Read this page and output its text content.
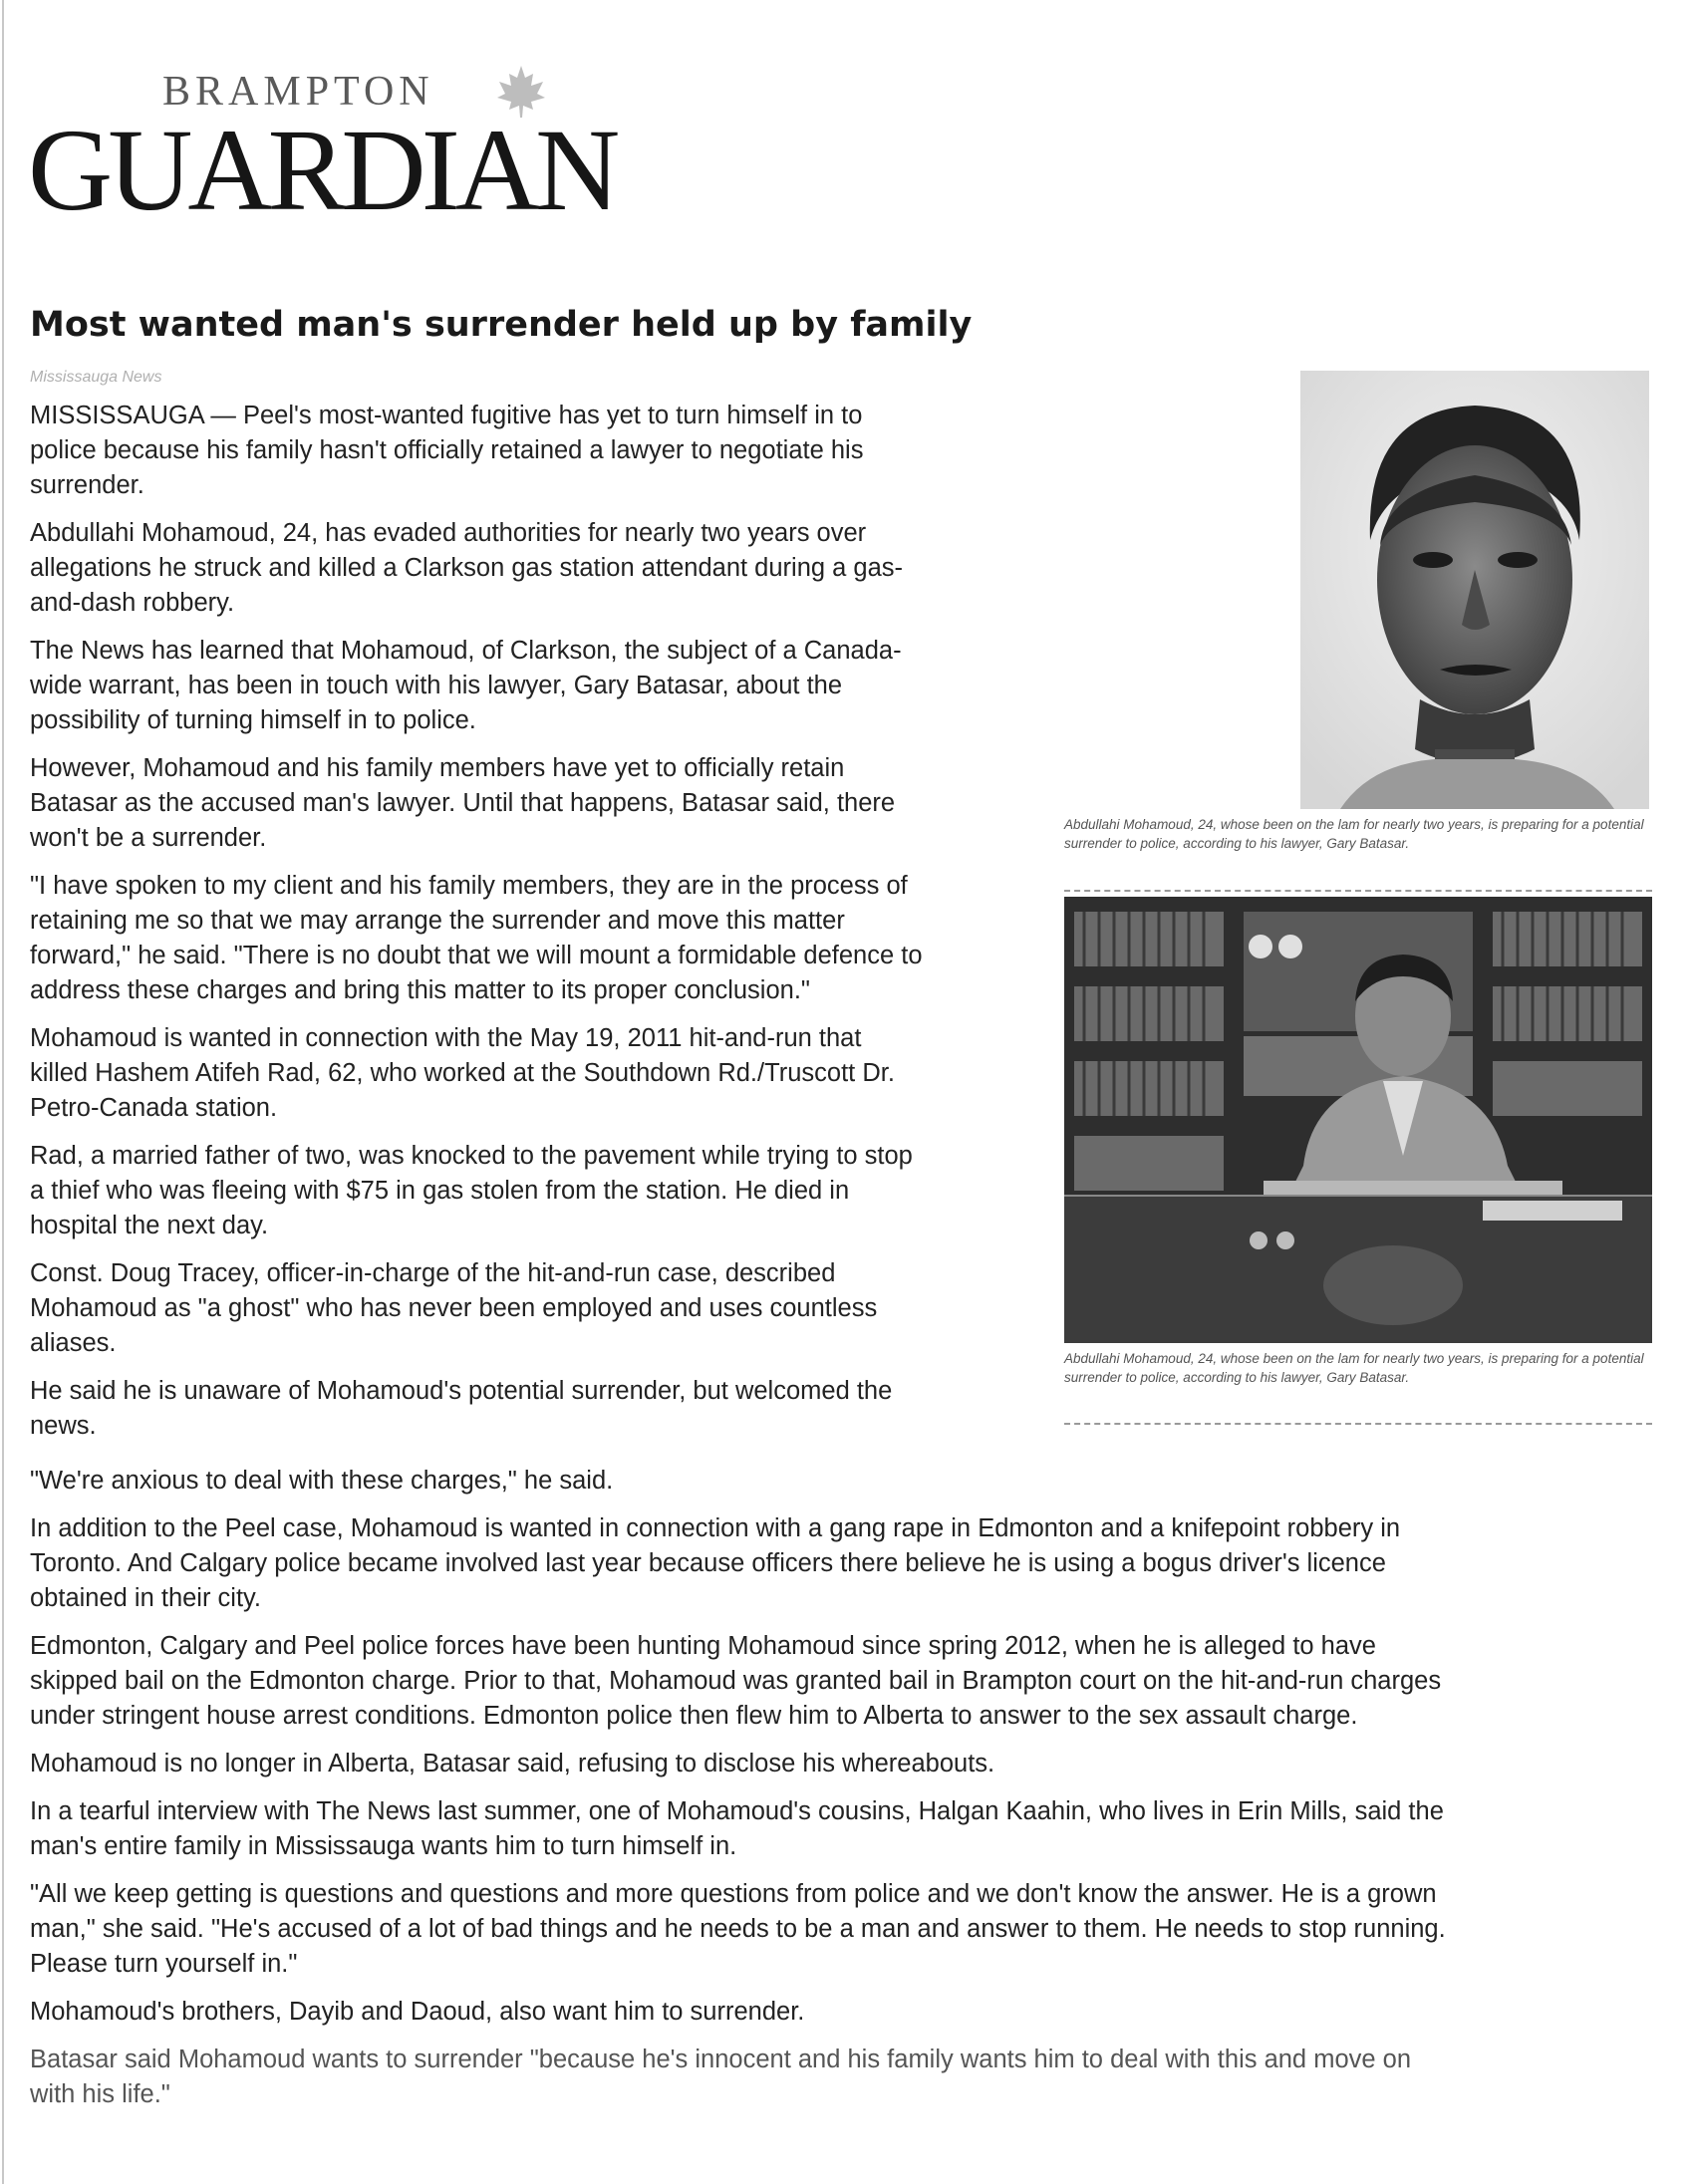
BRAMPTON
GUARDIAN
Most wanted man's surrender held up by family
Mississauga News

MISSISSAUGA — Peel's most-wanted fugitive has yet to turn himself in to
police because his family hasn't officially retained a lawyer to negotiate his
surrender.

Abdullahi Mohamoud, 24, has evaded authorities for nearly two years over
allegations he struck and killed a Clarkson gas station attendant during a gas-
and-dash robbery.

The News has learned that Mohamoud, of Clarkson, the subject of a Canada-
wide warrant, has been in touch with his lawyer, Gary Batasar, about the
possibility of turning himself in to police.

However, Mohamoud and his family members have yet to officially retain
Batasar as the accused man's lawyer. Until that happens, Batasar said, there
won't be a surrender.

"I have spoken to my client and his family members, they are in the process of
retaining me so that we may arrange the surrender and move this matter
forward," he said. "There is no doubt that we will mount a formidable defence to
address these charges and bring this matter to its proper conclusion."

Mohamoud is wanted in connection with the May 19, 2011 hit-and-run that
killed Hashem Atifeh Rad, 62, who worked at the Southdown Rd./Truscott Dr.
Petro-Canada station.

Rad, a married father of two, was knocked to the pavement while trying to stop
a thief who was fleeing with $75 in gas stolen from the station. He died in
hospital the next day.

Const. Doug Tracey, officer-in-charge of the hit-and-run case, described
Mohamoud as "a ghost" who has never been employed and uses countless
aliases.

He said he is unaware of Mohamoud's potential surrender, but welcomed the
news.

"We're anxious to deal with these charges," he said.

In addition to the Peel case, Mohamoud is wanted in connection with a gang rape in Edmonton and a knifepoint robbery in
Toronto. And Calgary police became involved last year because officers there believe he is using a bogus driver's licence
obtained in their city.

Edmonton, Calgary and Peel police forces have been hunting Mohamoud since spring 2012, when he is alleged to have
skipped bail on the Edmonton charge. Prior to that, Mohamoud was granted bail in Brampton court on the hit-and-run charges
under stringent house arrest conditions. Edmonton police then flew him to Alberta to answer to the sex assault charge.

Mohamoud is no longer in Alberta, Batasar said, refusing to disclose his whereabouts.

In a tearful interview with The News last summer, one of Mohamoud's cousins, Halgan Kaahin, who lives in Erin Mills, said the
man's entire family in Mississauga wants him to turn himself in.

"All we keep getting is questions and questions and more questions from police and we don't know the answer. He is a grown
man," she said. "He's accused of a lot of bad things and he needs to be a man and answer to them. He needs to stop running.
Please turn yourself in."

Mohamoud's brothers, Dayib and Daoud, also want him to surrender.

Batasar said Mohamoud wants to surrender "because he's innocent and his family wants him to deal with this and move on
with his life."

Abdullahi Mohamoud, 24, whose been on the lam for nearly two years, is preparing for a potential surrender to police, according to his lawyer, Gary Batasar.
Abdullahi Mohamoud, 24, whose been on the lam for nearly two years, is preparing for a potential surrender to police, according to his lawyer, Gary Batasar.
